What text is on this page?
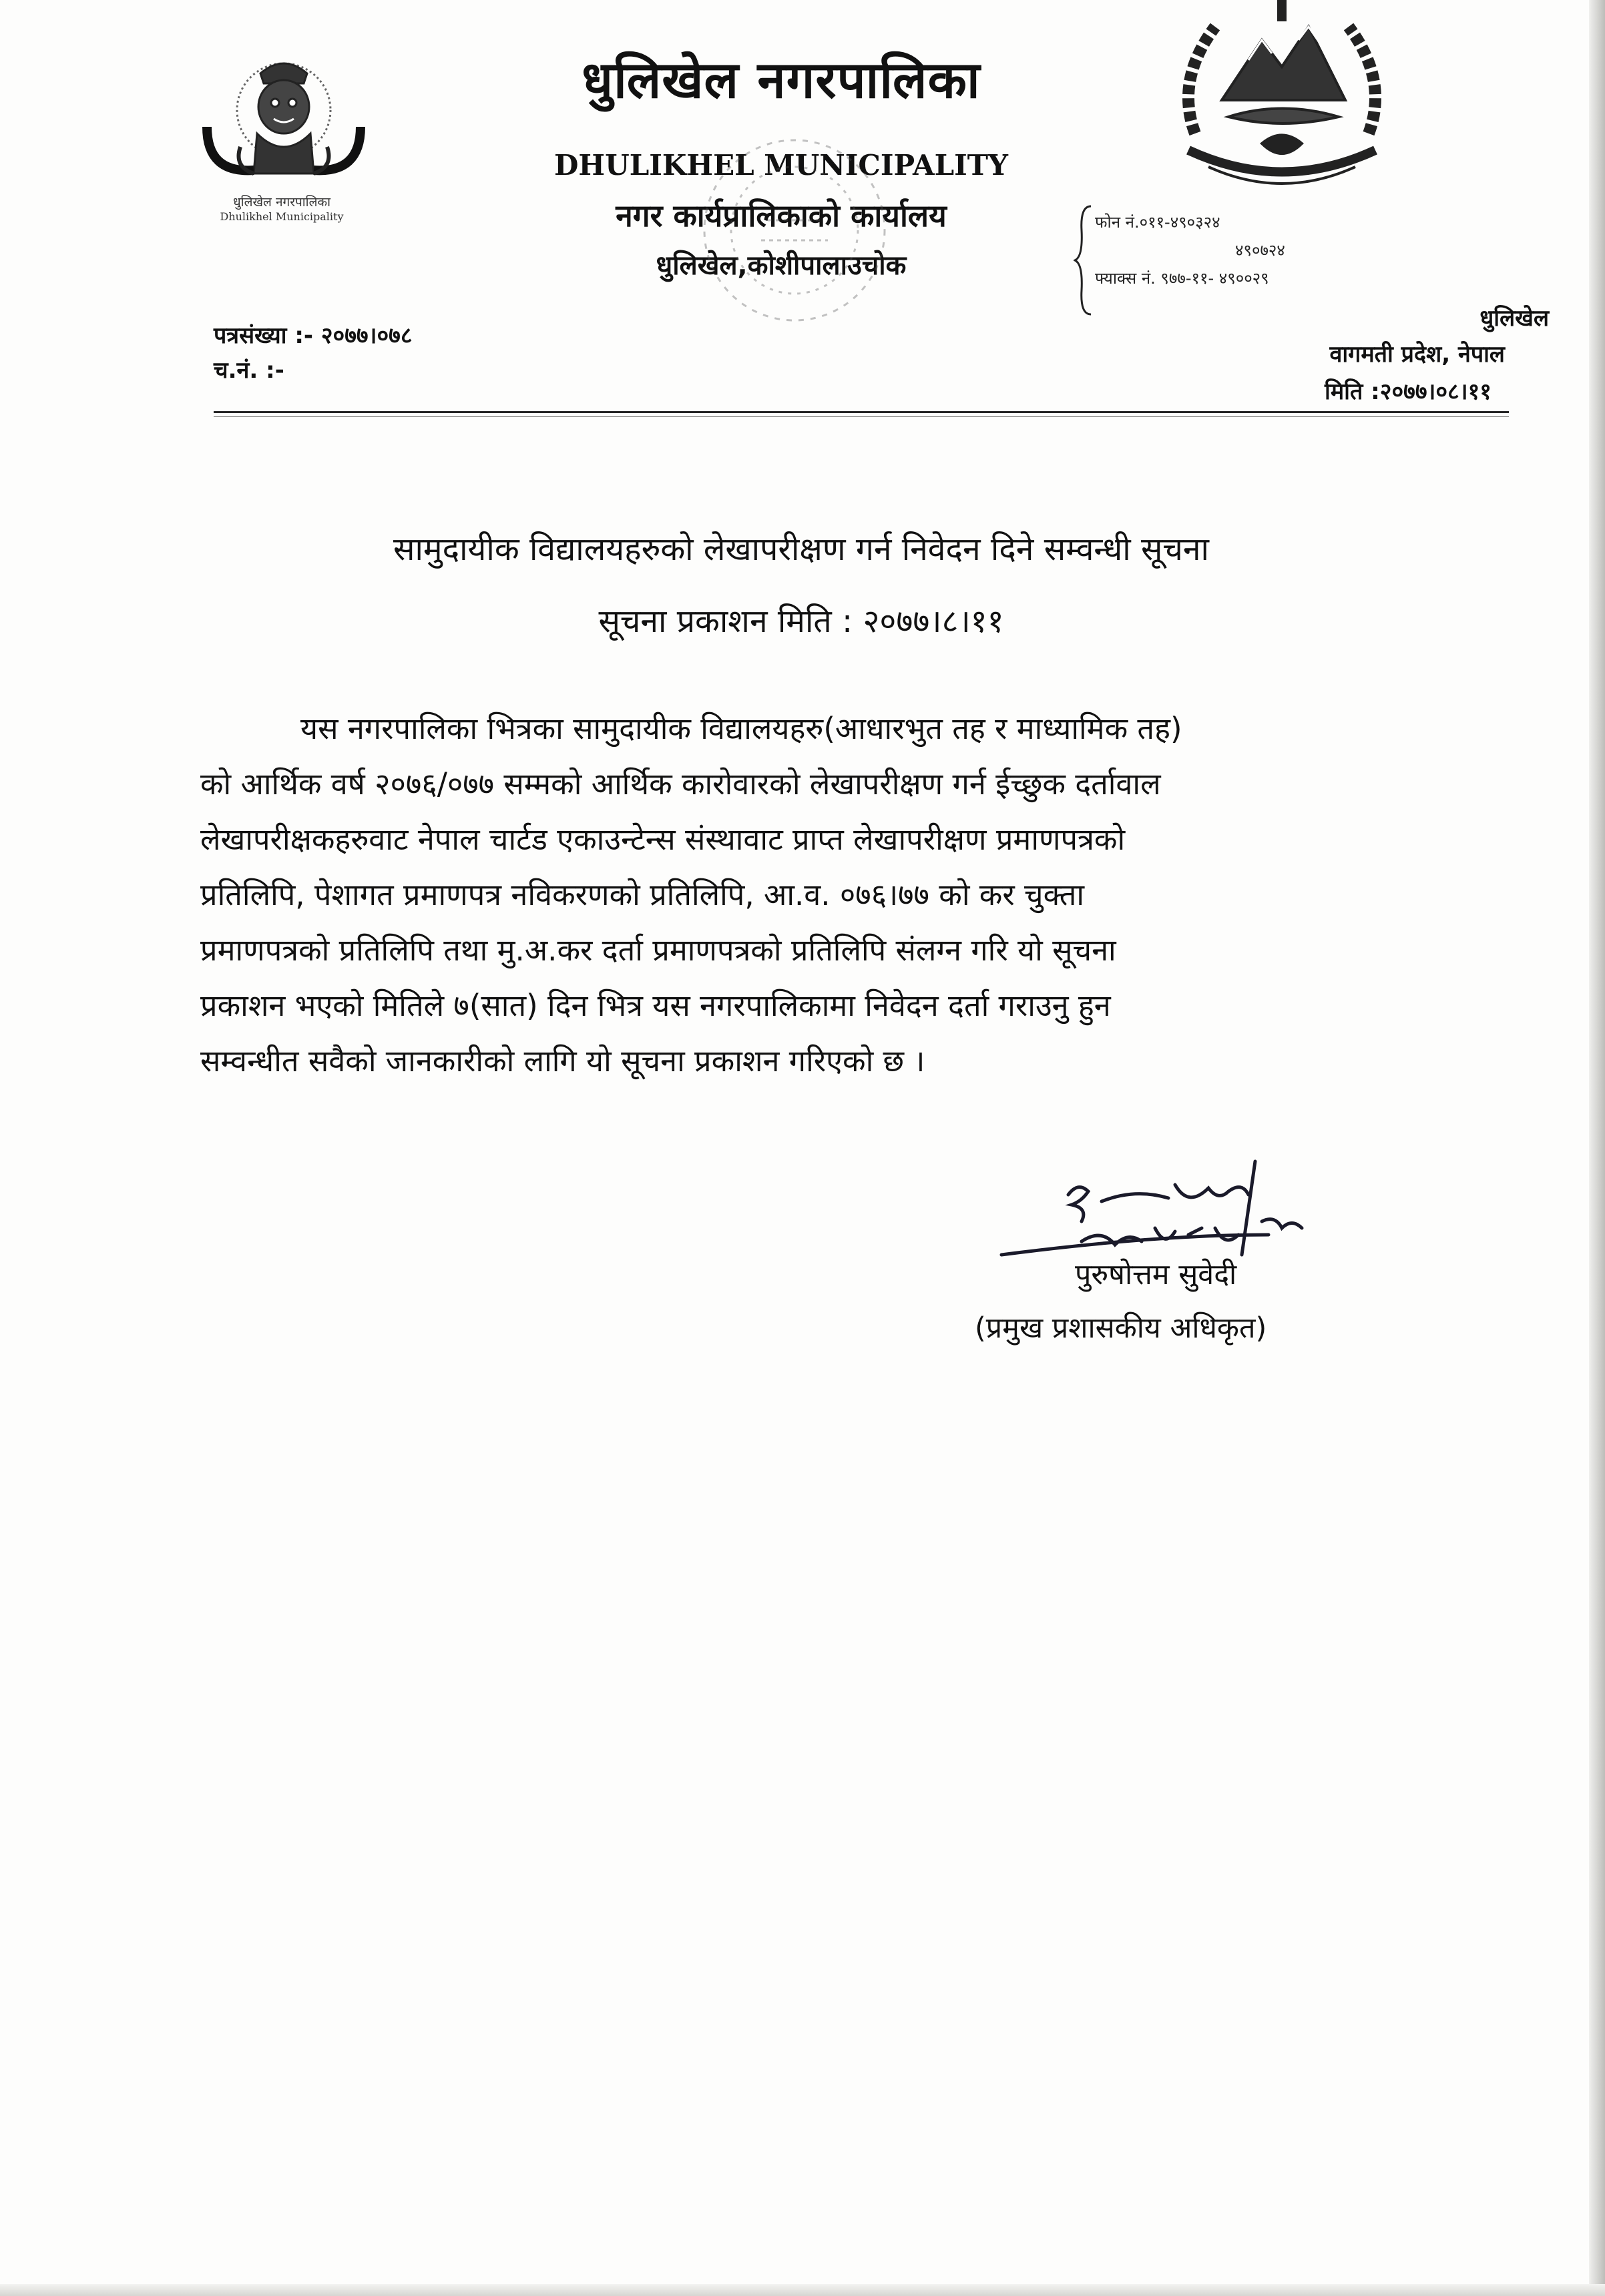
धुलिखेल नगरपालिका
Dhulikhel Municipality
धुलिखेल नगरपालिका
DHULIKHEL MUNICIPALITY
नगर कार्यप्रालिकाको कार्यालय
धुलिखेल,कोशीपालाउचोक
फोन नं.०११-४९०३२४
४९०७२४
फ्याक्स नं. ९७७-११- ४९००२९
पत्रसंख्या :- २०७७।०७८
च.नं. :-
धुलिखेल
वागमती प्रदेश, नेपाल
मिति :२०७७।०८।११
सामुदायीक विद्यालयहरुको लेखापरीक्षण गर्न निवेदन दिने सम्वन्धी सूचना
सूचना प्रकाशन मिति : २०७७।८।११
यस नगरपालिका भित्रका सामुदायीक विद्यालयहरु(आधारभुत तह र माध्यामिक तह)
को आर्थिक वर्ष २०७६/०७७ सम्मको आर्थिक कारोवारको लेखापरीक्षण गर्न ईच्छुक दर्तावाल
लेखापरीक्षकहरुवाट नेपाल चार्टड एकाउन्टेन्स संस्थावाट प्राप्त लेखापरीक्षण प्रमाणपत्रको
प्रतिलिपि, पेशागत प्रमाणपत्र नविकरणको प्रतिलिपि, आ.व. ०७६।७७ को कर चुक्ता
प्रमाणपत्रको प्रतिलिपि तथा मु.अ.कर दर्ता प्रमाणपत्रको प्रतिलिपि संलग्न गरि यो सूचना
प्रकाशन भएको मितिले ७(सात) दिन भित्र यस नगरपालिकामा निवेदन दर्ता गराउनु हुन
सम्वन्धीत सवैको जानकारीको लागि यो सूचना प्रकाशन गरिएको छ ।
पुरुषोत्तम सुवेदी
(प्रमुख प्रशासकीय अधिकृत)
